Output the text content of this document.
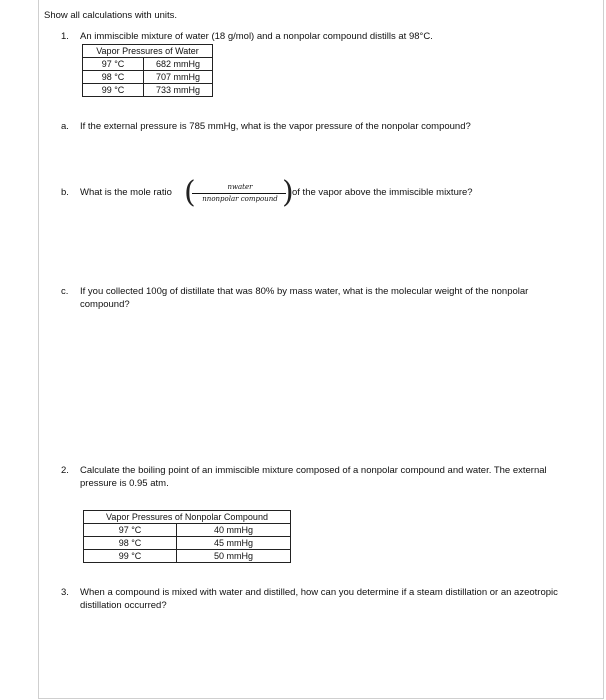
Show all calculations with units.
1. An immiscible mixture of water (18 g/mol) and a nonpolar compound distills at 98°C.
Vapor Pressures of Water	
97 °C	682 mmHg
98 °C	707 mmHg
99 °C	733 mmHg
a. If the external pressure is 785 mmHg, what is the vapor pressure of the nonpolar compound?
b. What is the mole ratio (	nwater
nnonpolar compound )
of the vapor above the immiscible mixture?
c. If you collected 100g of distillate that was 80% by mass water, what is the molecular weight of the nonpolar compound?
2. Calculate the boiling point of an immiscible mixture composed of a nonpolar compound and water. The external pressure is 0.95 atm.
Vapor Pressures of Nonpolar Compound	
97 °C	40 mmHg
98 °C	45 mmHg
99 °C	50 mmHg
3. When a compound is mixed with water and distilled, how can you determine if a steam distillation or an azeotropic distillation occurred?
